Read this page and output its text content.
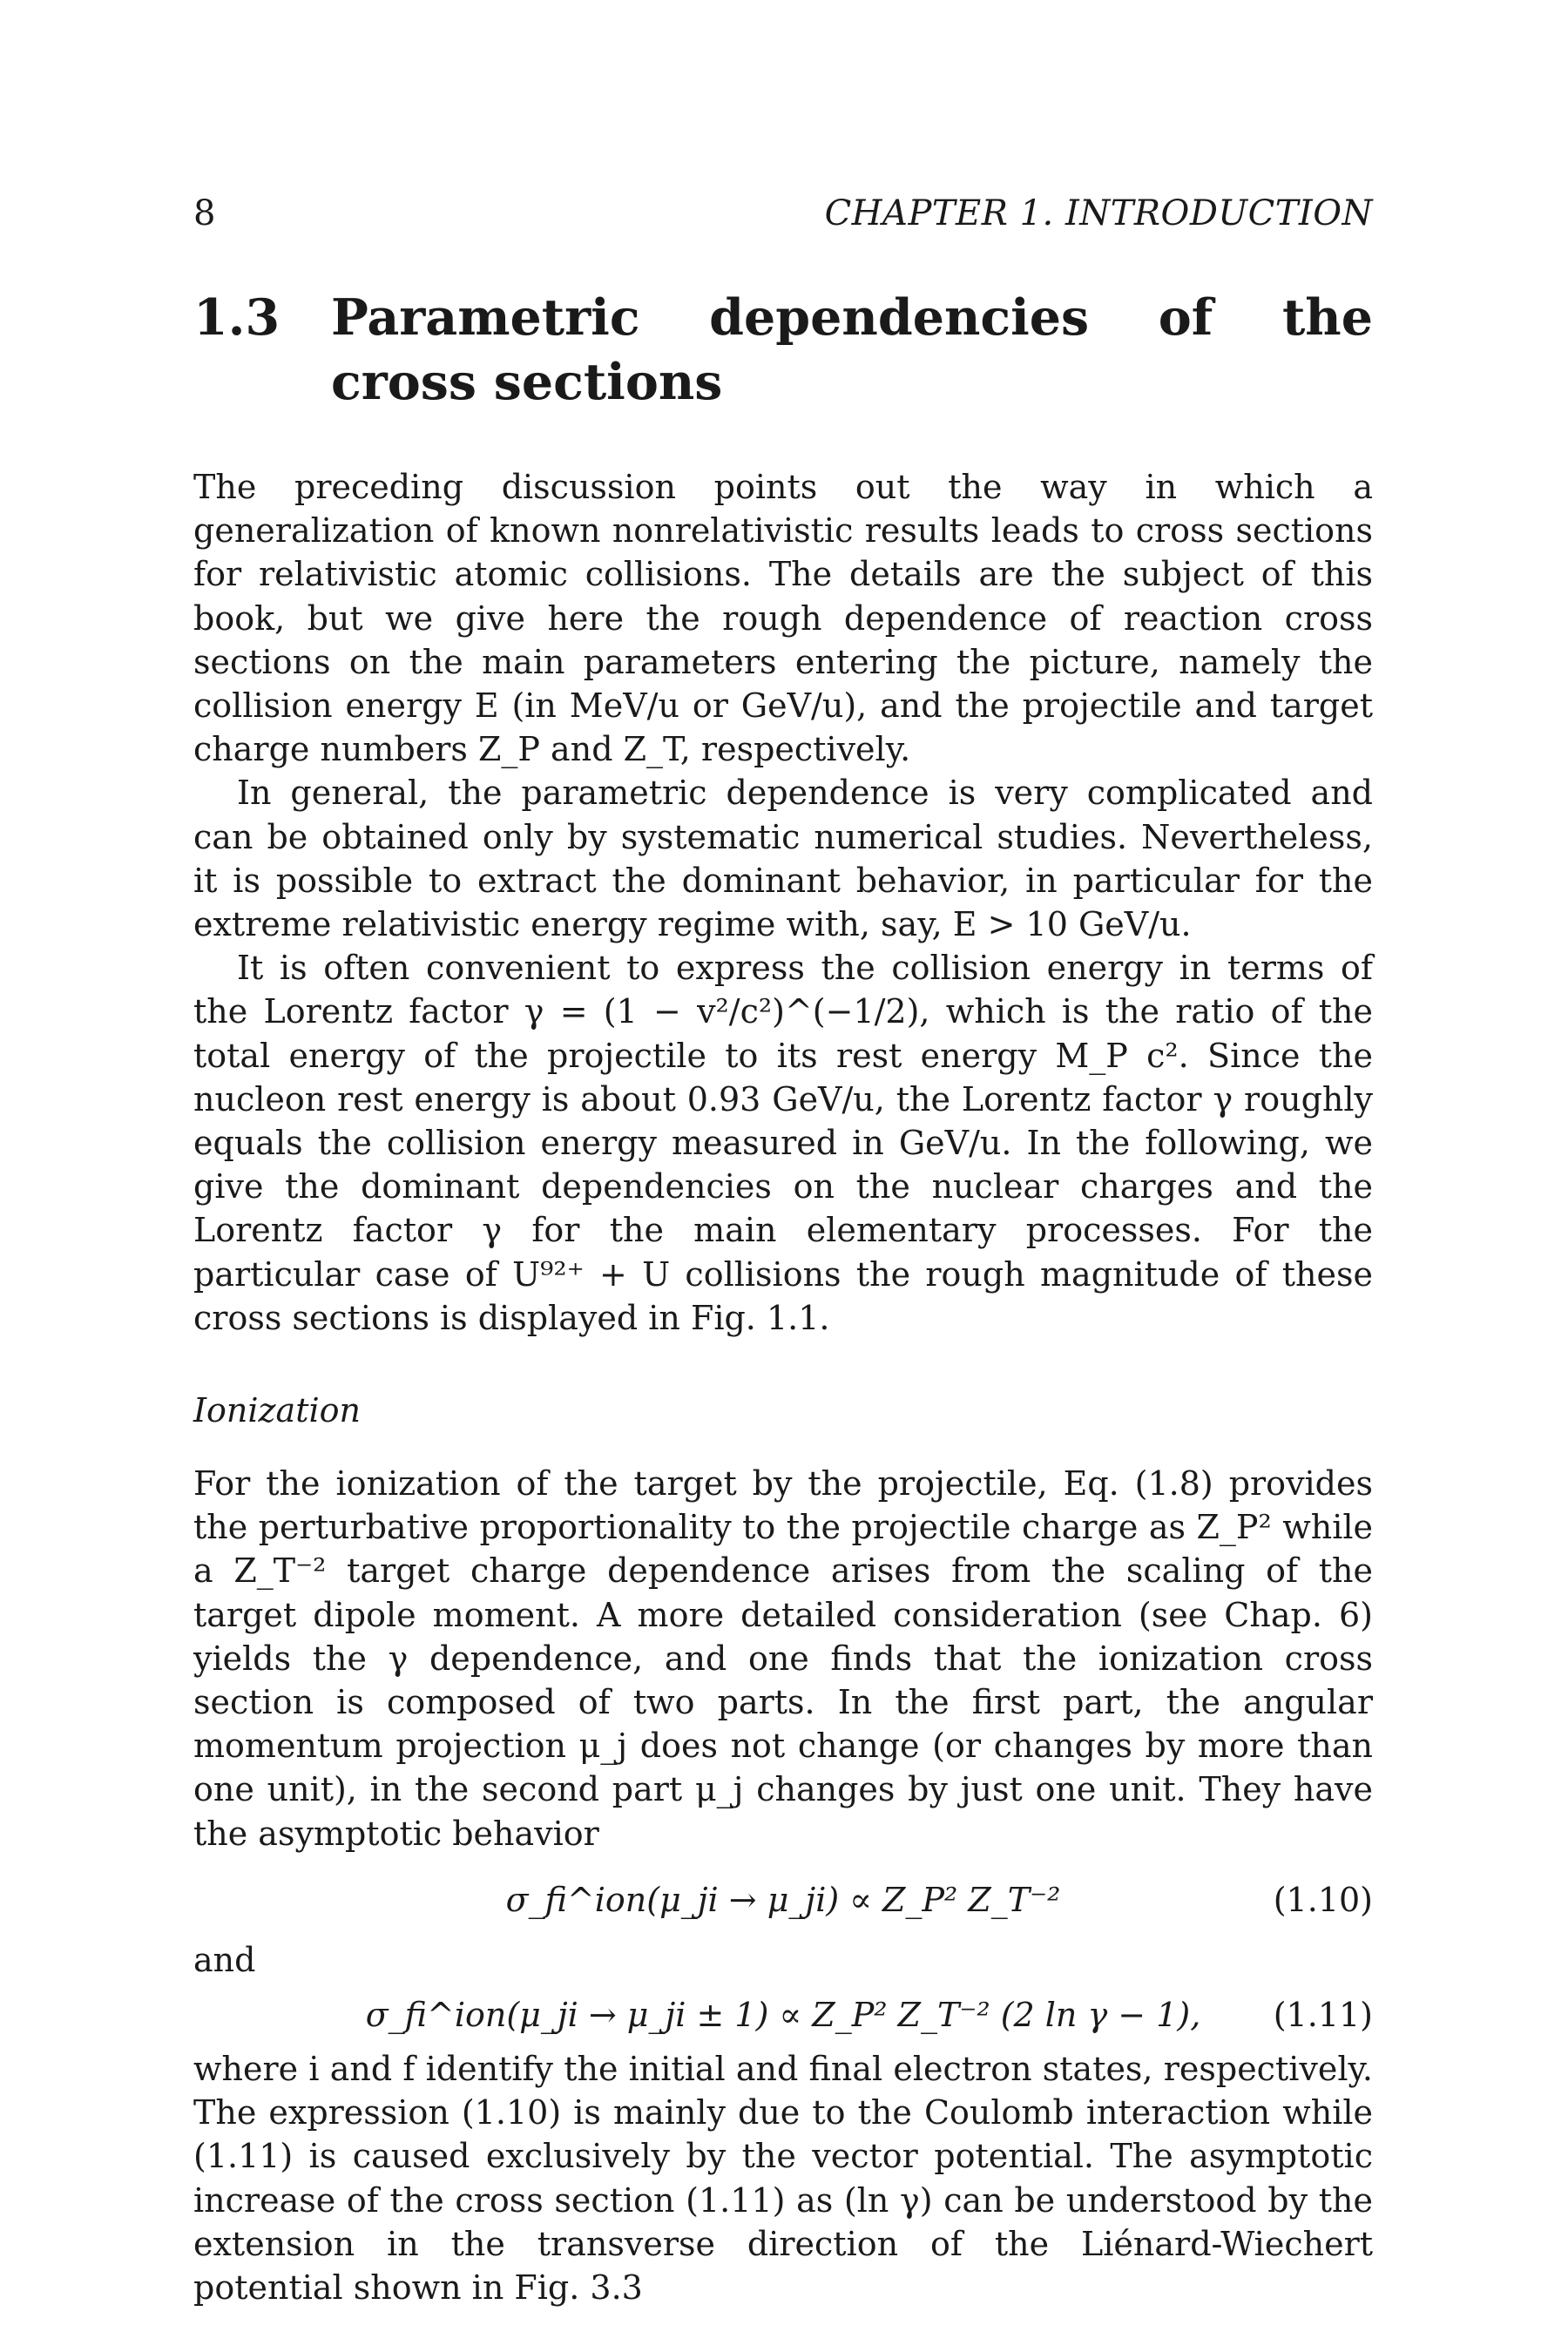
8	CHAPTER 1. INTRODUCTION
1.3 Parametric dependencies of the cross sections

The preceding discussion points out the way in which a generalization of known nonrelativistic results leads to cross sections for relativistic atomic collisions. The details are the subject of this book, but we give here the rough dependence of reaction cross sections on the main parameters entering the picture, namely the collision energy E (in MeV/u or GeV/u), and the projectile and target charge numbers Z_P and Z_T, respectively.

In general, the parametric dependence is very complicated and can be obtained only by systematic numerical studies. Nevertheless, it is possible to extract the dominant behavior, in particular for the extreme relativistic energy regime with, say, E > 10 GeV/u.

It is often convenient to express the collision energy in terms of the Lorentz factor γ = (1 − v²/c²)^(−1/2), which is the ratio of the total energy of the projectile to its rest energy M_P c². Since the nucleon rest energy is about 0.93 GeV/u, the Lorentz factor γ roughly equals the collision energy measured in GeV/u. In the following, we give the dominant dependencies on the nuclear charges and the Lorentz factor γ for the main elementary processes. For the particular case of U⁹²⁺ + U collisions the rough magnitude of these cross sections is displayed in Fig. 1.1.

Ionization

For the ionization of the target by the projectile, Eq. (1.8) provides the perturbative proportionality to the projectile charge as Z_P² while a Z_T⁻² target charge dependence arises from the scaling of the target dipole moment. A more detailed consideration (see Chap. 6) yields the γ dependence, and one finds that the ionization cross section is composed of two parts. In the first part, the angular momentum projection μ_j does not change (or changes by more than one unit), in the second part μ_j changes by just one unit. They have the asymptotic behavior

σ_fi^ion(μ_ji → μ_ji) ∝ Z_P² Z_T⁻²	(1.10)
and
σ_fi^ion(μ_ji → μ_ji ± 1) ∝ Z_P² Z_T⁻² (2 ln γ − 1),	(1.11)

where i and f identify the initial and final electron states, respectively. The expression (1.10) is mainly due to the Coulomb interaction while (1.11) is caused exclusively by the vector potential. The asymptotic increase of the cross section (1.11) as (ln γ) can be understood by the extension in the transverse direction of the Liénard-Wiechert potential shown in Fig. 3.3
